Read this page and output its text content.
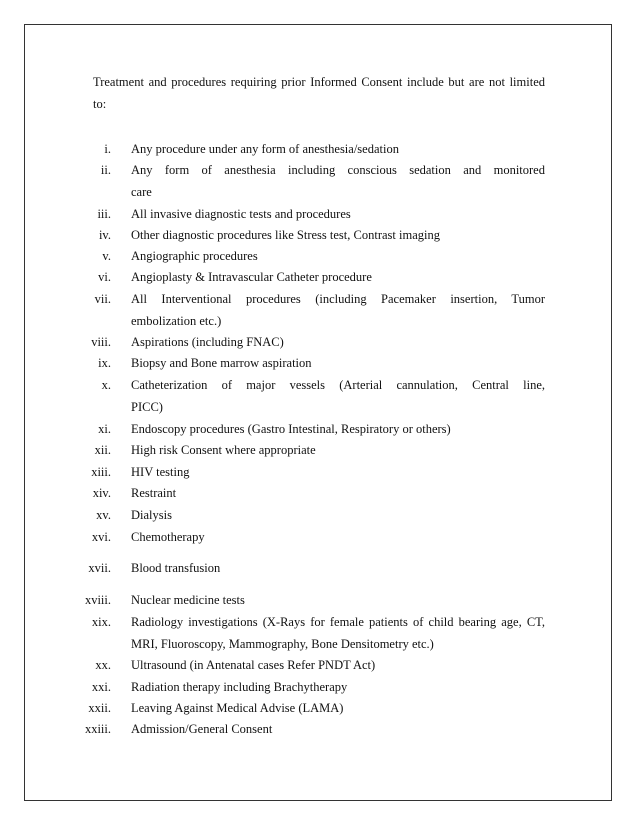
Treatment and procedures requiring prior Informed Consent include but are not limited
to:
i. Any procedure under any form of anesthesia/sedation
ii. Any form of anesthesia including conscious sedation and monitored
care
iii. All invasive diagnostic tests and procedures
iv. Other diagnostic procedures like Stress test, Contrast imaging
v. Angiographic procedures
vi. Angioplasty & Intravascular Catheter procedure
vii. All Interventional procedures (including Pacemaker insertion, Tumor
embolization etc.)
viii. Aspirations (including FNAC)
ix. Biopsy and Bone marrow aspiration
x. Catheterization of major vessels (Arterial cannulation, Central line,
PICC)
xi. Endoscopy procedures (Gastro Intestinal, Respiratory or others)
xii. High risk Consent where appropriate
xiii. HIV testing
xiv. Restraint
xv. Dialysis
xvi. Chemotherapy
xvii. Blood transfusion
xviii. Nuclear medicine tests
xix. Radiology investigations (X-Rays for female patients of child bearing age, CT,
MRI, Fluoroscopy, Mammography, Bone Densitometry etc.)
xx. Ultrasound (in Antenatal cases Refer PNDT Act)
xxi. Radiation therapy including Brachytherapy
xxii. Leaving Against Medical Advise (LAMA)
xxiii. Admission/General Consent
